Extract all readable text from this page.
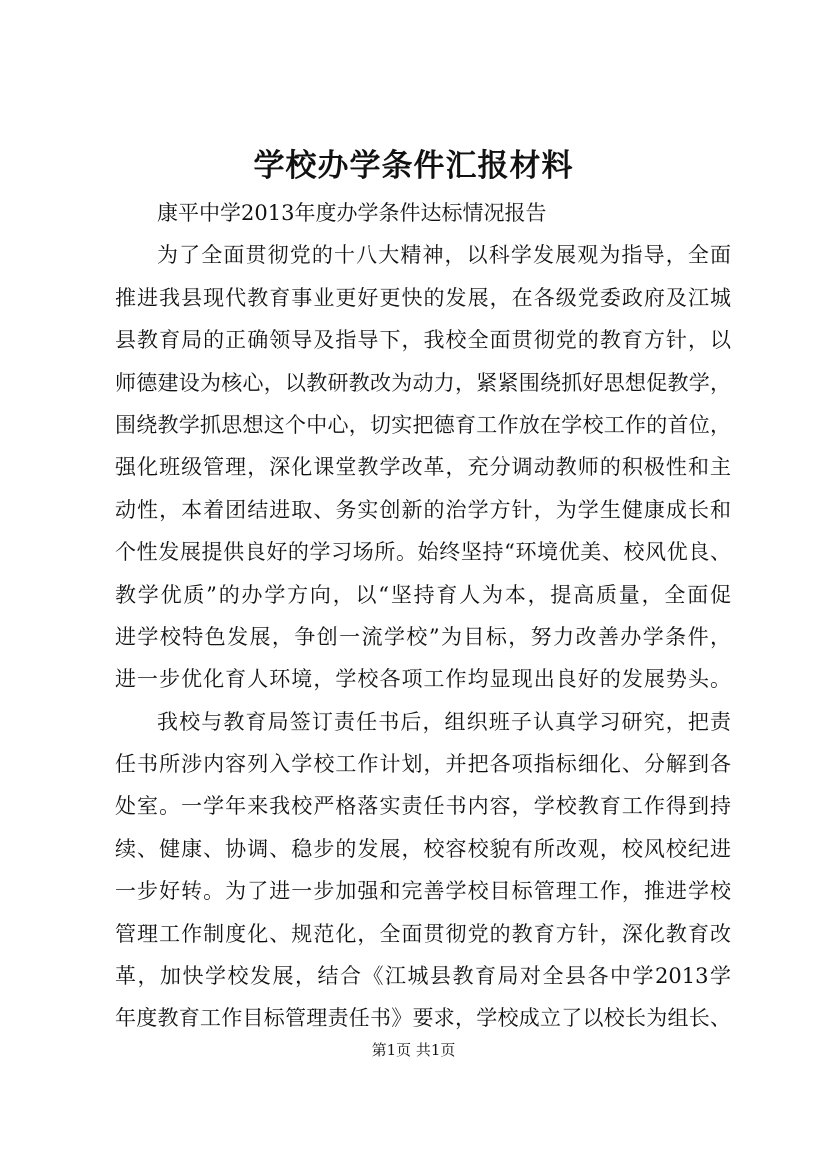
学校办学条件汇报材料
康平中学2013年度办学条件达标情况报告
为了全面贯彻党的十八大精神，以科学发展观为指导，全面
推进我县现代教育事业更好更快的发展，在各级党委政府及江城
县教育局的正确领导及指导下，我校全面贯彻党的教育方针，以
师德建设为核心，以教研教改为动力，紧紧围绕抓好思想促教学，
围绕教学抓思想这个中心，切实把德育工作放在学校工作的首位，
强化班级管理，深化课堂教学改革，充分调动教师的积极性和主
动性，本着团结进取、务实创新的治学方针，为学生健康成长和
个性发展提供良好的学习场所。始终坚持“环境优美、校风优良、
教学优质”的办学方向，以“坚持育人为本，提高质量，全面促
进学校特色发展，争创一流学校”为目标，努力改善办学条件，
进一步优化育人环境，学校各项工作均显现出良好的发展势头。
我校与教育局签订责任书后，组织班子认真学习研究，把责
任书所涉内容列入学校工作计划，并把各项指标细化、分解到各
处室。一学年来我校严格落实责任书内容，学校教育工作得到持
续、健康、协调、稳步的发展，校容校貌有所改观，校风校纪进
一步好转。为了进一步加强和完善学校目标管理工作，推进学校
管理工作制度化、规范化，全面贯彻党的教育方针，深化教育改
革，加快学校发展，结合《江城县教育局对全县各中学2013学
年度教育工作目标管理责任书》要求，学校成立了以校长为组长、
第1页 共1页
